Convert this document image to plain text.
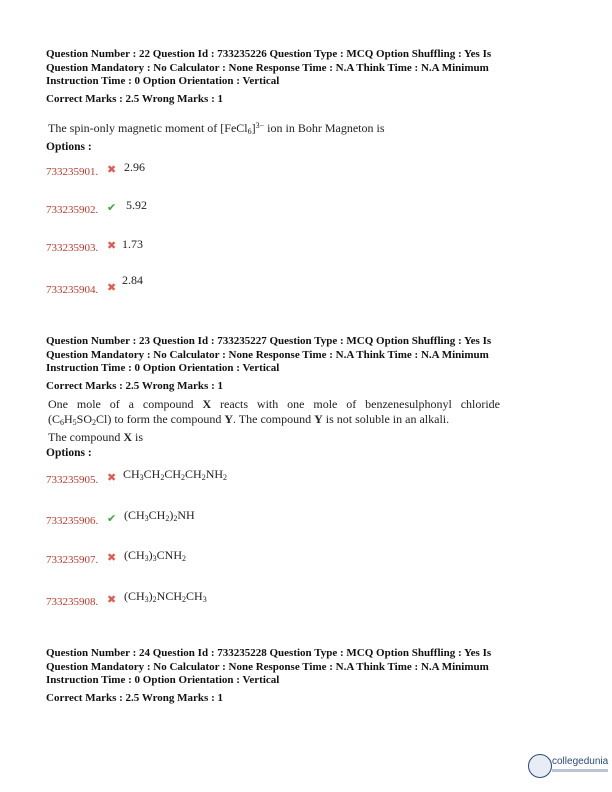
Question Number : 22 Question Id : 733235226 Question Type : MCQ Option Shuffling : Yes Is

Question Mandatory : No Calculator : None Response Time : N.A Think Time : N.A Minimum

Instruction Time : 0 Option Orientation : Vertical

Correct Marks : 2.5 Wrong Marks : 1

The spin-only magnetic moment of [FeCl$_6$]$^{3-}$ ion in Bohr Magneton is
Options :
733235901. ✖ 2.96
733235902. ✔ 5.92
733235903. ✖ 1.73
733235904. ✖
2.84

Question Number : 23 Question Id : 733235227 Question Type : MCQ Option Shuffling : Yes Is

Question Mandatory : No Calculator : None Response Time : N.A Think Time : N.A Minimum

Instruction Time : 0 Option Orientation : Vertical

Correct Marks : 2.5 Wrong Marks : 1

One mole of a compound X reacts with one mole of benzenesulphonyl chloride
$(C_6H_5SO_2Cl)$ to form the compound Y. The compound Y is not soluble in an alkali.
The compound X is
Options :
733235905. ✖ $CH_3CH_2CH_2CH_2NH_2$
733235906. ✔ $(CH_3CH_2)_2NH$
733235907. ✖ $(CH_3)_3CNH_2$
733235908. ✖ $(CH_3)_2NCH_2CH_3$

Question Number : 24 Question Id : 733235228 Question Type : MCQ Option Shuffling : Yes Is

Question Mandatory : No Calculator : None Response Time : N.A Think Time : N.A Minimum

Instruction Time : 0 Option Orientation : Vertical

Correct Marks : 2.5 Wrong Marks : 1

collegedunia
